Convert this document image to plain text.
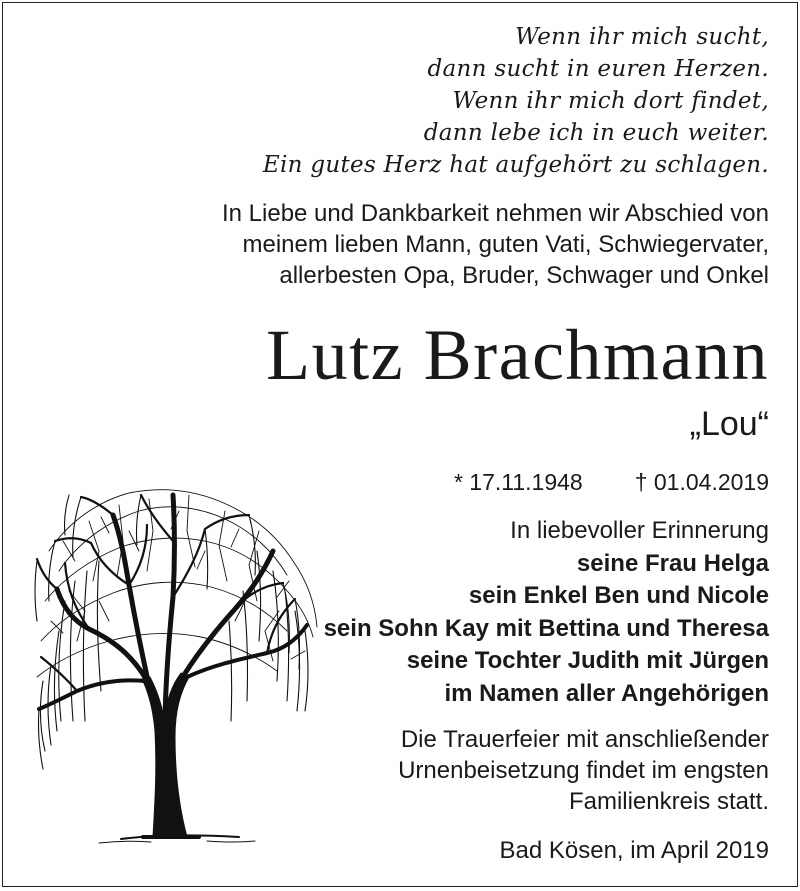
Wenn ihr mich sucht,
dann sucht in euren Herzen.
Wenn ihr mich dort findet,
dann lebe ich in euch weiter.
Ein gutes Herz hat aufgehört zu schlagen.
In Liebe und Dankbarkeit nehmen wir Abschied von
meinem lieben Mann, guten Vati, Schwiegervater,
allerbesten Opa, Bruder, Schwager und Onkel
Lutz Brachmann
„Lou“
* 17.11.1948 † 01.04.2019
In liebevoller Erinnerung
seine Frau Helga
sein Enkel Ben und Nicole
sein Sohn Kay mit Bettina und Theresa
seine Tochter Judith mit Jürgen
im Namen aller Angehörigen
Die Trauerfeier mit anschließender
Urnenbeisetzung findet im engsten
Familienkreis statt.
Bad Kösen, im April 2019
